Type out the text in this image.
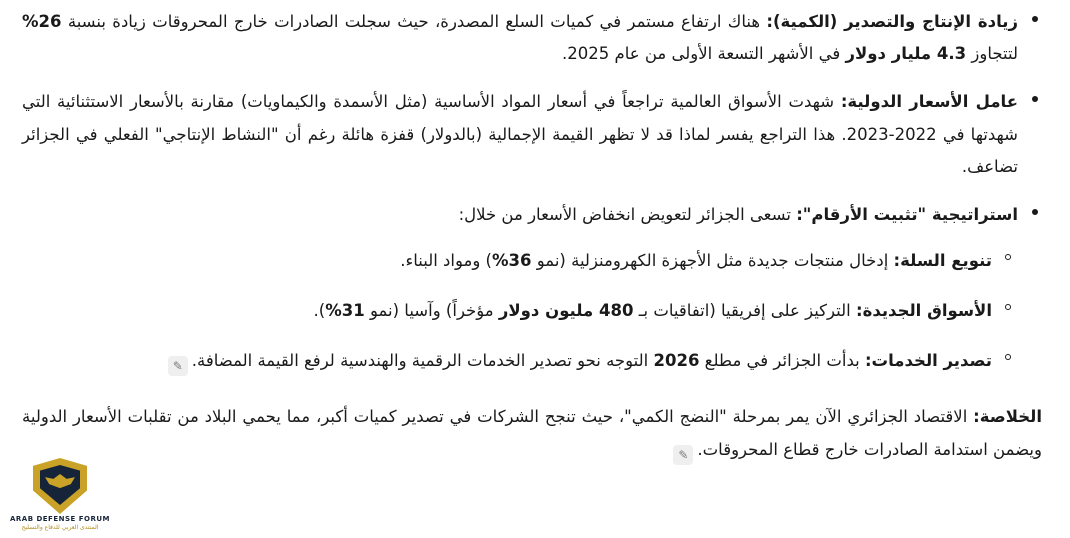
زيادة الإنتاج والتصدير (الكمية): هناك ارتفاع مستمر في كميات السلع المصدرة، حيث سجلت الصادرات خارج المحروقات زيادة بنسبة 26% لتتجاوز 4.3 مليار دولار في الأشهر التسعة الأولى من عام 2025.

عامل الأسعار الدولية: شهدت الأسواق العالمية تراجعاً في أسعار المواد الأساسية (مثل الأسمدة والكيماويات) مقارنة بالأسعار الاستثنائية التي شهدتها في 2022-2023. هذا التراجع يفسر لماذا قد لا تظهر القيمة الإجمالية (بالدولار) قفزة هائلة رغم أن "النشاط الإنتاجي" الفعلي في الجزائر تضاعف.

استراتيجية "تثبيت الأرقام": تسعى الجزائر لتعويض انخفاض الأسعار من خلال:

تنويع السلة: إدخال منتجات جديدة مثل الأجهزة الكهرومنزلية (نمو 36%) ومواد البناء.

الأسواق الجديدة: التركيز على إفريقيا (اتفاقيات بـ 480 مليون دولار مؤخراً) وآسيا (نمو 31%).

تصدير الخدمات: بدأت الجزائر في مطلع 2026 التوجه نحو تصدير الخدمات الرقمية والهندسية لرفع القيمة المضافة.✎

الخلاصة: الاقتصاد الجزائري الآن يمر بمرحلة "النضج الكمي"، حيث تنجح الشركات في تصدير كميات أكبر، مما يحمي البلاد من تقلبات الأسعار الدولية ويضمن استدامة الصادرات خارج قطاع المحروقات.✎

ARAB DEFENSE FORUM
المنتدى العربي للدفاع والتسليح
